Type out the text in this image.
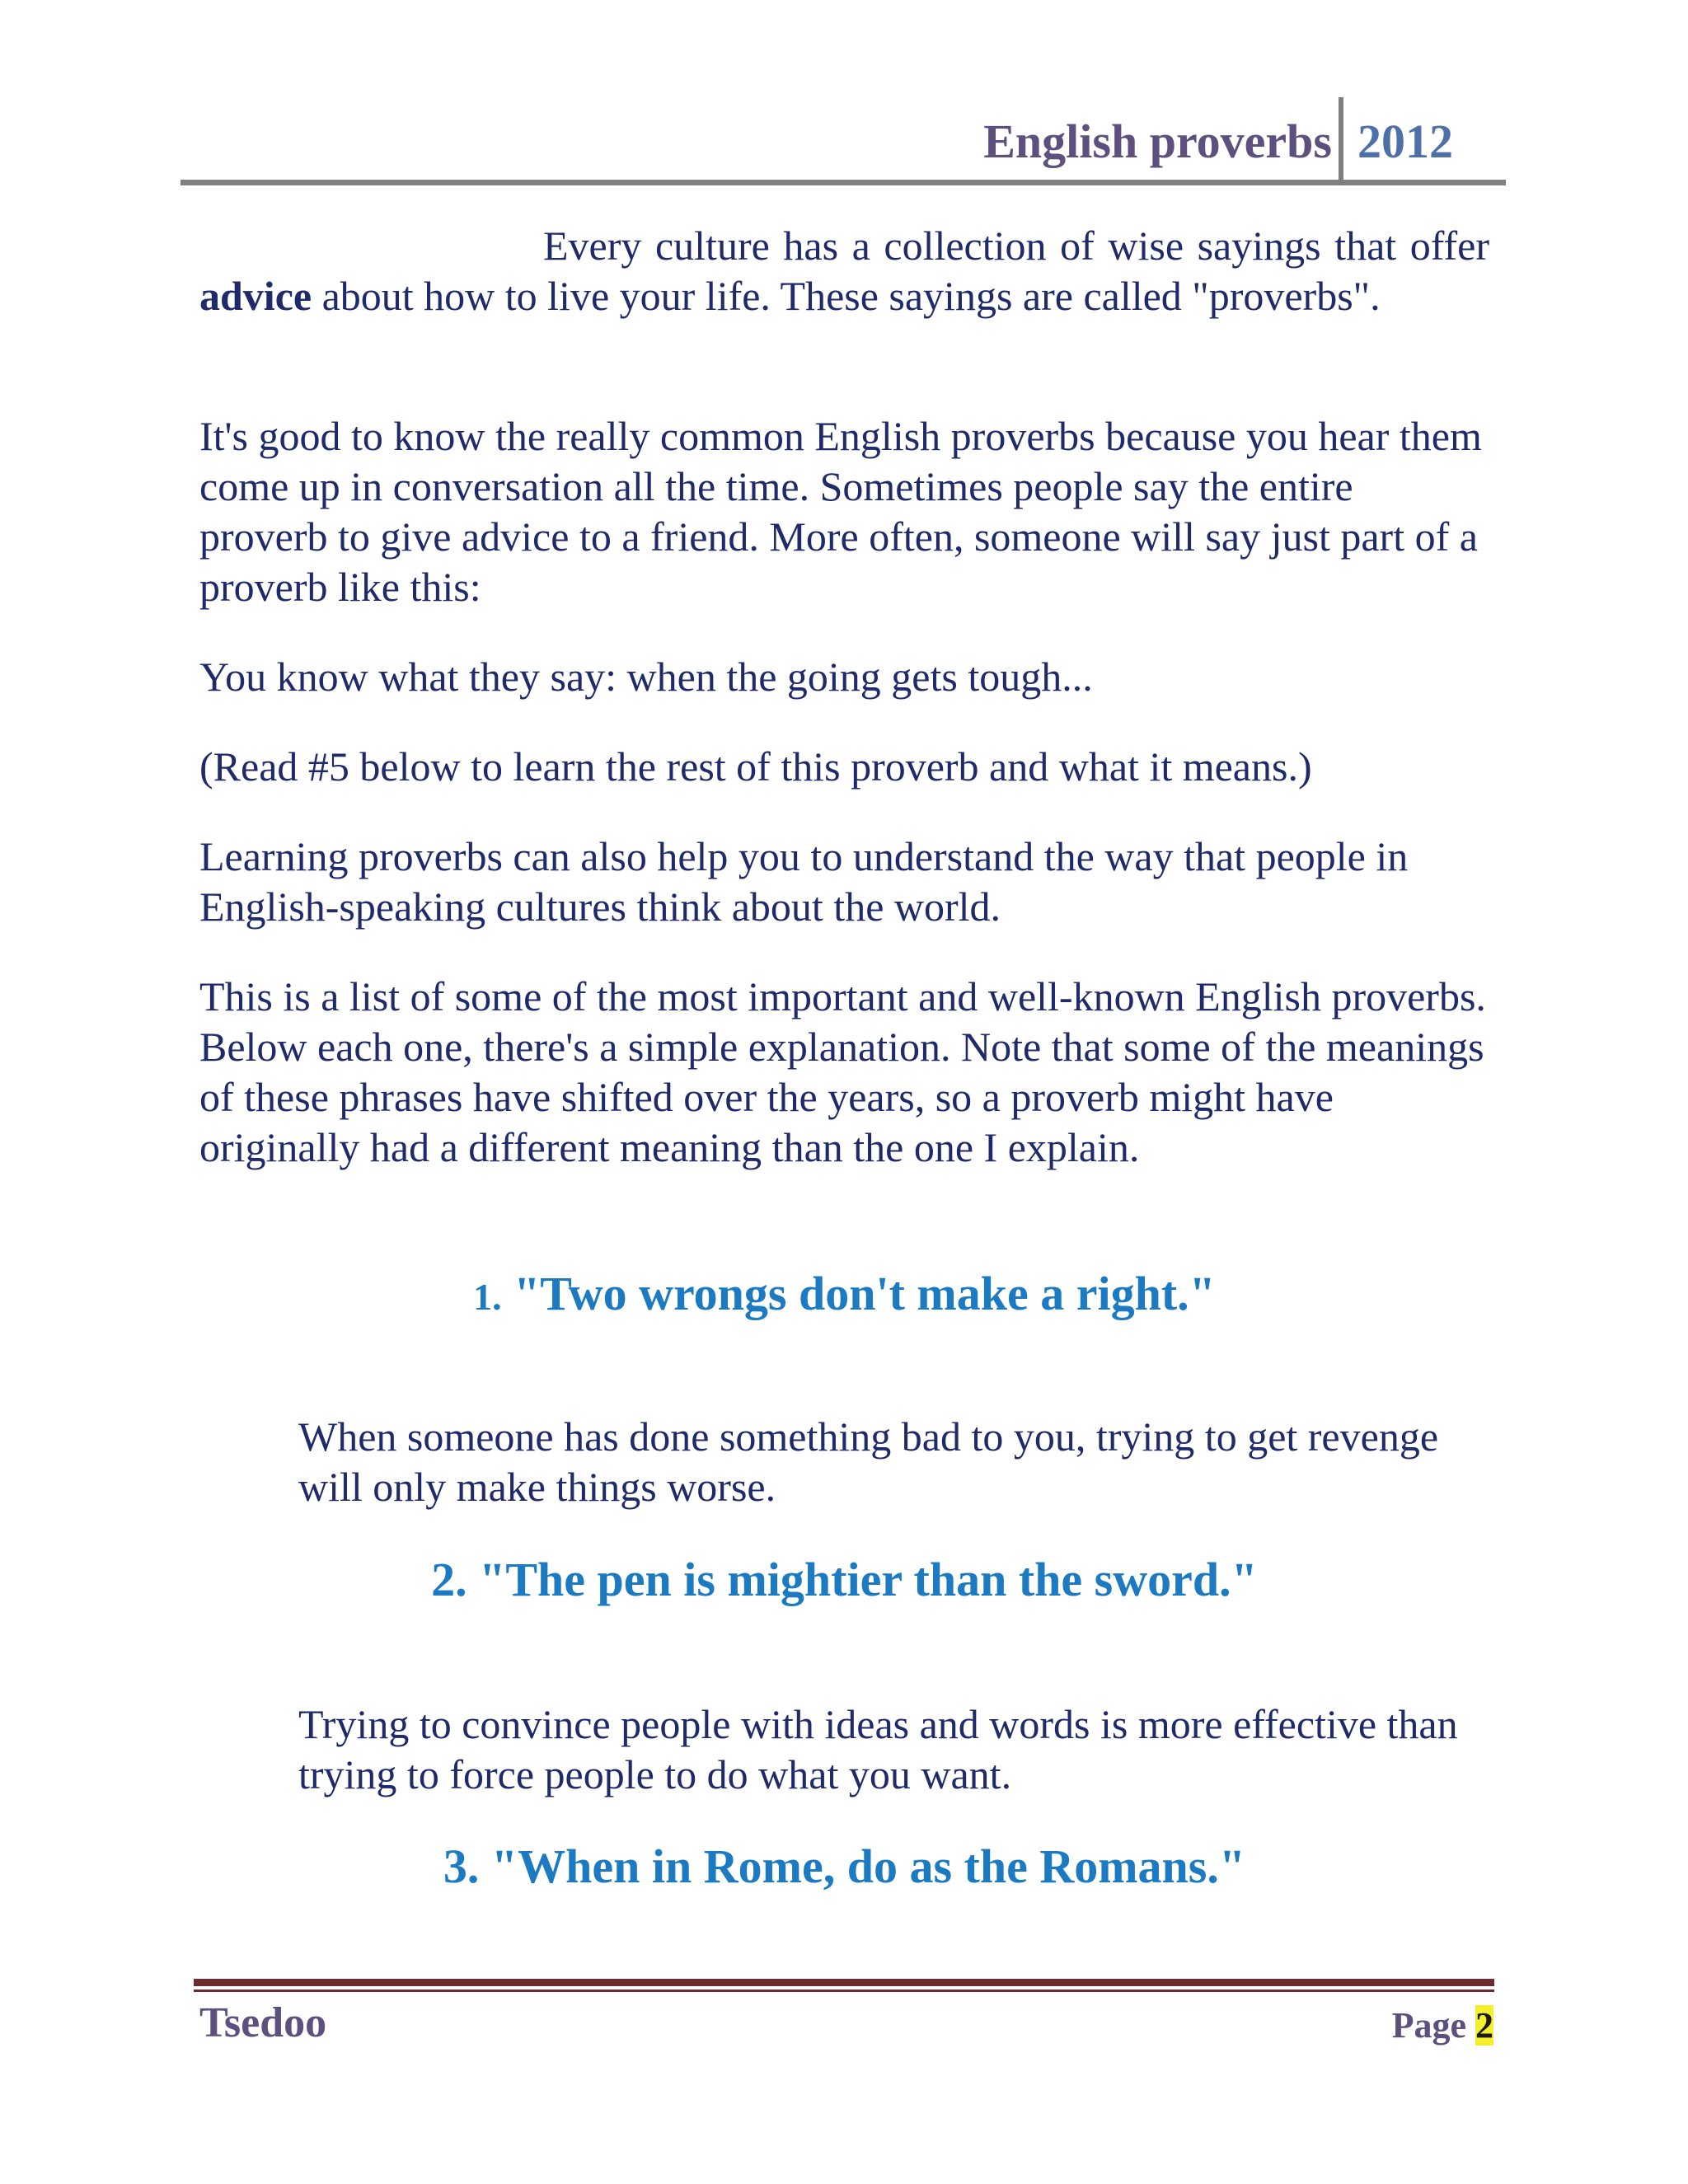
English proverbs 2012

Every culture has a collection of wise sayings that offer advice about how to live your life. These sayings are called "proverbs".

It's good to know the really common English proverbs because you hear them come up in conversation all the time. Sometimes people say the entire proverb to give advice to a friend. More often, someone will say just part of a proverb like this:

You know what they say: when the going gets tough...

(Read #5 below to learn the rest of this proverb and what it means.)

Learning proverbs can also help you to understand the way that people in English-speaking cultures think about the world.

This is a list of some of the most important and well-known English proverbs. Below each one, there's a simple explanation. Note that some of the meanings of these phrases have shifted over the years, so a proverb might have originally had a different meaning than the one I explain.

1. "Two wrongs don't make a right."

When someone has done something bad to you, trying to get revenge will only make things worse.

2. "The pen is mightier than the sword."

Trying to convince people with ideas and words is more effective than trying to force people to do what you want.

3. "When in Rome, do as the Romans."

Tsedoo	Page 2
